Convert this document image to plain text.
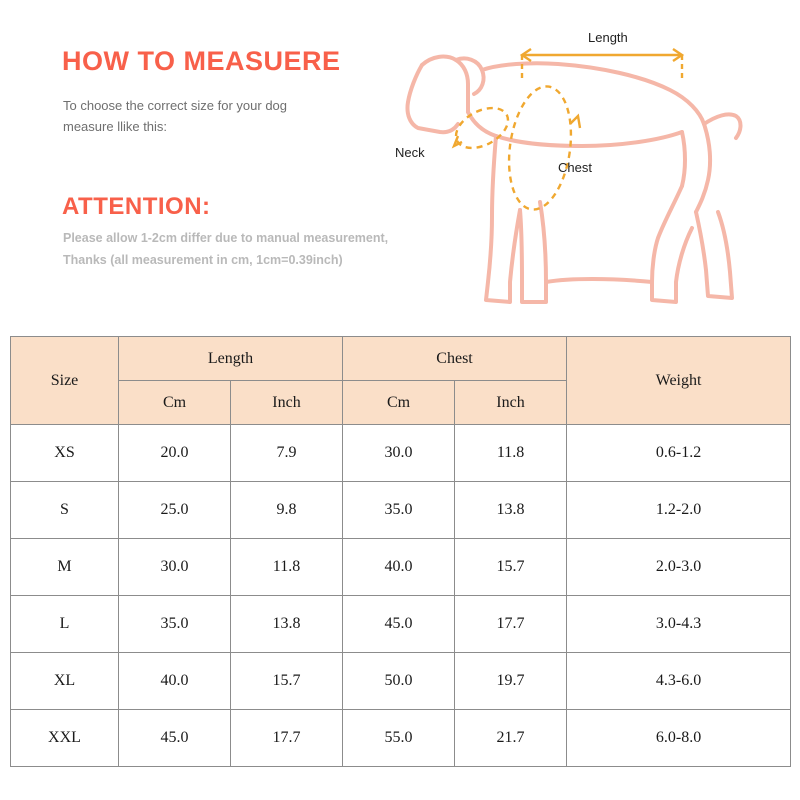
HOW TO MEASUERE
To choose the correct size for your dog
measure llike this:
ATTENTION:
Please allow 1-2cm differ due to manual measurement,
Thanks (all measurement in cm, 1cm=0.39inch)
Length
Neck
Chest
Size	Length		Chest		Weight
	Cm	Inch	Cm	Inch	
XS	20.0	7.9	30.0	11.8	0.6-1.2
S	25.0	9.8	35.0	13.8	1.2-2.0
M	30.0	11.8	40.0	15.7	2.0-3.0
L	35.0	13.8	45.0	17.7	3.0-4.3
XL	40.0	15.7	50.0	19.7	4.3-6.0
XXL	45.0	17.7	55.0	21.7	6.0-8.0
